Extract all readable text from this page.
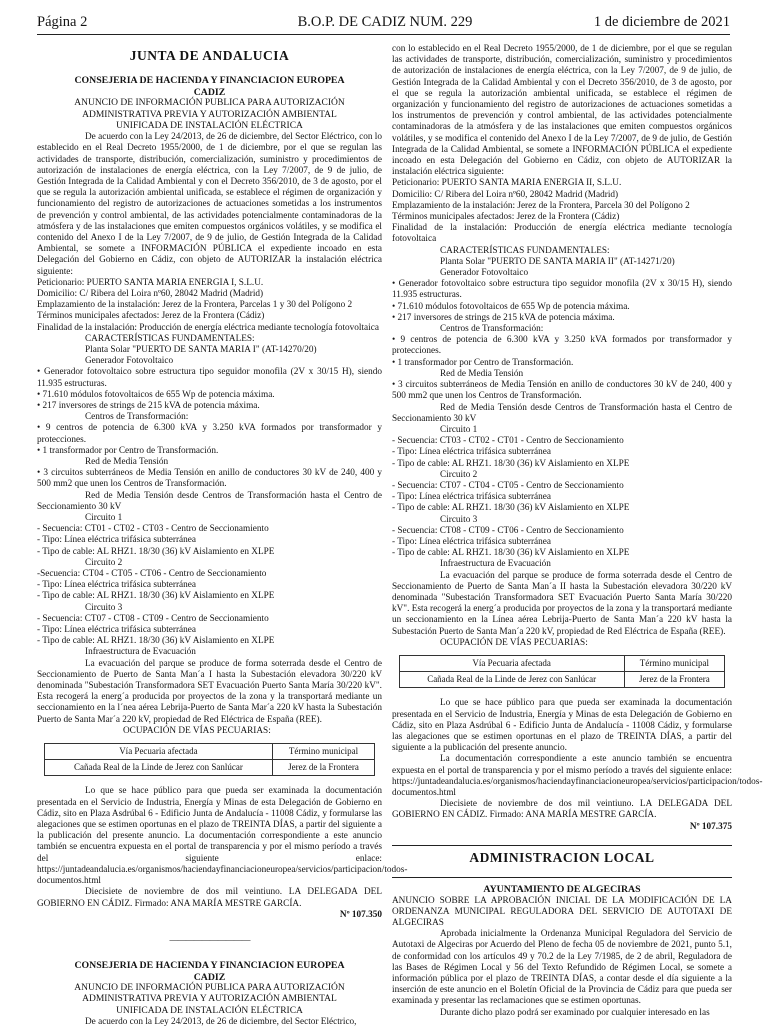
Página 2	B.O.P. DE CADIZ NUM. 229	1 de diciembre de 2021
JUNTA DE ANDALUCIA
CONSEJERIA DE HACIENDA Y FINANCIACION EUROPEA
CADIZ
ANUNCIO DE INFORMACIÓN PUBLICA PARA AUTORIZACIÓN
ADMINISTRATIVA PREVIA Y AUTORIZACIÓN AMBIENTAL
UNIFICADA DE INSTALACIÓN ELÉCTRICA

De acuerdo con la Ley 24/2013, de 26 de diciembre, del Sector Eléctrico, con lo establecido en el Real Decreto 1955/2000, de 1 de diciembre, por el que se regulan las actividades de transporte, distribución, comercialización, suministro y procedimientos de autorización de instalaciones de energía eléctrica, con la Ley 7/2007, de 9 de julio, de Gestión Integrada de la Calidad Ambiental y con el Decreto 356/2010, de 3 de agosto, por el que se regula la autorización ambiental unificada, se establece el régimen de organización y funcionamiento del registro de autorizaciones de actuaciones sometidas a los instrumentos de prevención y control ambiental, de las actividades potencialmente contaminadoras de la atmósfera y de las instalaciones que emiten compuestos orgánicos volátiles, y se modifica el contenido del Anexo I de la Ley 7/2007, de 9 de julio, de Gestión Integrada de la Calidad Ambiental, se somete a INFORMACIÓN PÚBLICA el expediente incoado en esta Delegación del Gobierno en Cádiz, con objeto de AUTORIZAR la instalación eléctrica siguiente:

Peticionario: PUERTO SANTA MARIA ENERGIA I, S.L.U.

Domicilio: C/ Ribera del Loira nº60, 28042 Madrid (Madrid)

Emplazamiento de la instalación: Jerez de la Frontera, Parcelas 1 y 30 del Polígono 2

Términos municipales afectados: Jerez de la Frontera (Cádiz)

Finalidad de la instalación: Producción de energía eléctrica mediante tecnología fotovoltaica

CARACTERÍSTICAS FUNDAMENTALES:

Planta Solar "PUERTO DE SANTA MARIA I" (AT-14270/20)

Generador Fotovoltaico

• Generador fotovoltaico sobre estructura tipo seguidor monofila (2V x 30/15 H), siendo 11.935 estructuras.

• 71.610 módulos fotovoltaicos de 655 Wp de potencia máxima.

• 217 inversores de strings de 215 kVA de potencia máxima.

Centros de Transformación:

• 9 centros de potencia de 6.300 kVA y 3.250 kVA formados por transformador y protecciones.

• 1 transformador por Centro de Transformación.

Red de Media Tensión

• 3 circuitos subterráneos de Media Tensión en anillo de conductores 30 kV de 240, 400 y 500 mm2 que unen los Centros de Transformación.

Red de Media Tensión desde Centros de Transformación hasta el Centro de Seccionamiento 30 kV

Circuito 1

- Secuencia: CT01 - CT02 - CT03 - Centro de Seccionamiento

- Tipo: Línea eléctrica trifásica subterránea

- Tipo de cable: AL RHZ1. 18/30 (36) kV Aislamiento en XLPE

Circuito 2

-Secuencia: CT04 - CT05 - CT06 - Centro de Seccionamiento

- Tipo: Línea eléctrica trifásica subterránea

- Tipo de cable: AL RHZ1. 18/30 (36) kV Aislamiento en XLPE

Circuito 3

- Secuencia: CT07 - CT08 - CT09 - Centro de Seccionamiento

- Tipo: Línea eléctrica trifásica subterránea

- Tipo de cable: AL RHZ1. 18/30 (36) kV Aislamiento en XLPE

Infraestructura de Evacuación

La evacuación del parque se produce de forma soterrada desde el Centro de Seccionamiento de Puerto de Santa Man´a I hasta la Subestación elevadora 30/220 kV denominada "Subestación Transformadora SET Evacuación Puerto Santa María 30/220 kV". Esta recogerá la energ´a producida por proyectos de la zona y la transportará mediante un seccionamiento en la l´nea aérea Lebrija-Puerto de Santa Mar´a 220 kV hasta la Subestación Puerto de Santa Mar´a 220 kV, propiedad de Red Eléctrica de España (REE).

OCUPACIÓN DE VÍAS PECUARIAS:

Vía Pecuaria afectada	Término municipal
Cañada Real de la Linde de Jerez con Sanlúcar	Jerez de la Frontera

Lo que se hace público para que pueda ser examinada la documentación presentada en el Servicio de Industria, Energía y Minas de esta Delegación de Gobierno en Cádiz, sito en Plaza Asdrúbal 6 - Edificio Junta de Andalucía - 11008 Cádiz, y formularse las alegaciones que se estimen oportunas en el plazo de TREINTA DÍAS, a partir del siguiente a la publicación del presente anuncio. La documentación correspondiente a este anuncio también se encuentra expuesta en el portal de transparencia y por el mismo período a través del siguiente enlace: https://juntadeandalucia.es/organismos/haciendayfinanciacioneuropea/servicios/participacion/todos-documentos.html

Diecisiete de noviembre de dos mil veintiuno. LA DELEGADA DEL GOBIERNO EN CÁDIZ. Firmado: ANA MARÍA MESTRE GARCÍA.

Nº 107.350

——————————
CONSEJERIA DE HACIENDA Y FINANCIACION EUROPEA
CADIZ
ANUNCIO DE INFORMACIÓN PUBLICA PARA AUTORIZACIÓN
ADMINISTRATIVA PREVIA Y AUTORIZACIÓN AMBIENTAL
UNIFICADA DE INSTALACIÓN ELÉCTRICA

De acuerdo con la Ley 24/2013, de 26 de diciembre, del Sector Eléctrico,

con lo establecido en el Real Decreto 1955/2000, de 1 de diciembre, por el que se regulan las actividades de transporte, distribución, comercialización, suministro y procedimientos de autorización de instalaciones de energía eléctrica, con la Ley 7/2007, de 9 de julio, de Gestión Integrada de la Calidad Ambiental y con el Decreto 356/2010, de 3 de agosto, por el que se regula la autorización ambiental unificada, se establece el régimen de organización y funcionamiento del registro de autorizaciones de actuaciones sometidas a los instrumentos de prevención y control ambiental, de las actividades potencialmente contaminadoras de la atmósfera y de las instalaciones que emiten compuestos orgánicos volátiles, y se modifica el contenido del Anexo I de la Ley 7/2007, de 9 de julio, de Gestión Integrada de la Calidad Ambiental, se somete a INFORMACIÓN PÚBLICA el expediente incoado en esta Delegación del Gobierno en Cádiz, con objeto de AUTORIZAR la instalación eléctrica siguiente:

Peticionario: PUERTO SANTA MARIA ENERGIA II, S.L.U.

Domicilio: C/ Ribera del Loira nº60, 28042 Madrid (Madrid)

Emplazamiento de la instalación: Jerez de la Frontera, Parcela 30 del Polígono 2

Términos municipales afectados: Jerez de la Frontera (Cádiz)

Finalidad de la instalación: Producción de energía eléctrica mediante tecnología fotovoltaica

CARACTERÍSTICAS FUNDAMENTALES:

Planta Solar "PUERTO DE SANTA MARIA II" (AT-14271/20)

Generador Fotovoltaico

• Generador fotovoltaico sobre estructura tipo seguidor monofila (2V x 30/15 H), siendo 11.935 estructuras.

• 71.610 módulos fotovoltaicos de 655 Wp de potencia máxima.

• 217 inversores de strings de 215 kVA de potencia máxima.

Centros de Transformación:

• 9 centros de potencia de 6.300 kVA y 3.250 kVA formados por transformador y protecciones.

• 1 transformador por Centro de Transformación.

Red de Media Tensión

• 3 circuitos subterráneos de Media Tensión en anillo de conductores 30 kV de 240, 400 y 500 mm2 que unen los Centros de Transformación.

Red de Media Tensión desde Centros de Transformación hasta el Centro de Seccionamiento 30 kV

Circuito 1

- Secuencia: CT03 - CT02 - CT01 - Centro de Seccionamiento

- Tipo: Línea eléctrica trifásica subterránea

- Tipo de cable: AL RHZ1. 18/30 (36) kV Aislamiento en XLPE

Circuito 2

- Secuencia: CT07 - CT04 - CT05 - Centro de Seccionamiento

- Tipo: Línea eléctrica trifásica subterránea

- Tipo de cable: AL RHZ1. 18/30 (36) kV Aislamiento en XLPE

Circuito 3

- Secuencia: CT08 - CT09 - CT06 - Centro de Seccionamiento

- Tipo: Línea eléctrica trifásica subterránea

- Tipo de cable: AL RHZ1. 18/30 (36) kV Aislamiento en XLPE

Infraestructura de Evacuación

La evacuación del parque se produce de forma soterrada desde el Centro de Seccionamiento de Puerto de Santa Man´a II hasta la Subestación elevadora 30/220 kV denominada "Subestación Transformadora SET Evacuación Puerto Santa María 30/220 kV". Esta recogerá la energ´a producida por proyectos de la zona y la transportará mediante un seccionamiento en la Línea aérea Lebrija-Puerto de Santa Man´a 220 kV hasta la Subestación Puerto de Santa Man´a 220 kV, propiedad de Red Eléctrica de España (REE).

OCUPACIÓN DE VÍAS PECUARIAS:

Vía Pecuaria afectada	Término municipal
Cañada Real de la Linde de Jerez con Sanlúcar	Jerez de la Frontera

Lo que se hace público para que pueda ser examinada la documentación presentada en el Servicio de Industria, Energía y Minas de esta Delegación de Gobierno en Cádiz, sito en Plaza Asdrúbal 6 - Edificio Junta de Andalucía - 11008 Cádiz, y formularse las alegaciones que se estimen oportunas en el plazo de TREINTA DÍAS, a partir del siguiente a la publicación del presente anuncio.

La documentación correspondiente a este anuncio también se encuentra expuesta en el portal de transparencia y por el mismo período a través del siguiente enlace: https://juntadeandalucia.es/organismos/haciendayfinanciacioneuropea/servicios/participacion/todos-documentos.html

Diecisiete de noviembre de dos mil veintiuno. LA DELEGADA DEL GOBIERNO EN CÁDIZ. Firmado: ANA MARÍA MESTRE GARCÍA.

Nº 107.375

ADMINISTRACION LOCAL
AYUNTAMIENTO DE ALGECIRAS

ANUNCIO SOBRE LA APROBACIÓN INICIAL DE LA MODIFICACIÓN DE LA ORDENANZA MUNICIPAL REGULADORA DEL SERVICIO DE AUTOTAXI DE ALGECIRAS

Aprobada inicialmente la Ordenanza Municipal Reguladora del Servicio de Autotaxi de Algeciras por Acuerdo del Pleno de fecha 05 de noviembre de 2021, punto 5.1, de conformidad con los artículos 49 y 70.2 de la Ley 7/1985, de 2 de abril, Reguladora de las Bases de Régimen Local y 56 del Texto Refundido de Régimen Local, se somete a información pública por el plazo de TREINTA DÍAS, a contar desde el día siguiente a la inserción de este anuncio en el Boletín Oficial de la Provincia de Cádiz para que pueda ser examinada y presentar las reclamaciones que se estimen oportunas.

Durante dicho plazo podrá ser examinado por cualquier interesado en las
